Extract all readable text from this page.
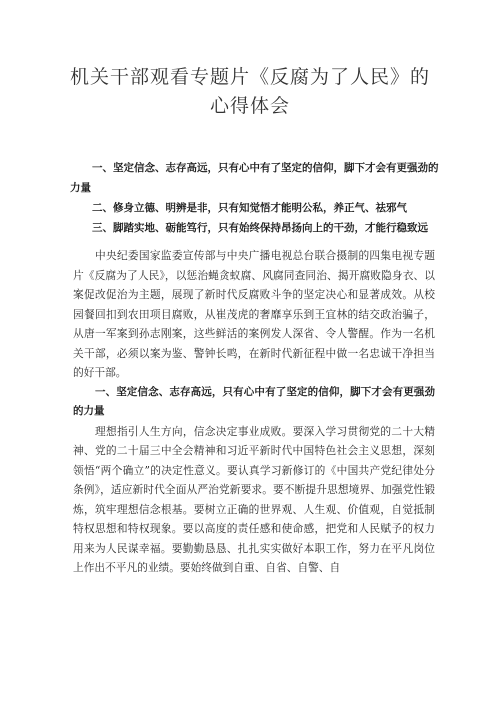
机关干部观看专题片《反腐为了人民》的
心得体会
一、坚定信念、志存高远，只有心中有了坚定的信仰，脚下才会有更强劲的力量
二、修身立德、明辨是非，只有知觉悟才能明公私，养正气、祛邪气
三、脚踏实地、砺能笃行，只有始终保持昂扬向上的干劲，才能行稳致远

中央纪委国家监委宣传部与中央广播电视总台联合摄制的四集电视专题片《反腐为了人民》，以惩治蝇贪蚁腐、风腐同查同治、揭开腐败隐身衣、以案促改促治为主题，展现了新时代反腐败斗争的坚定决心和显著成效。从校园餐回扣到农田项目腐败，从崔茂虎的奢靡享乐到王宜林的结交政治骗子，从唐一军案到孙志刚案，这些鲜活的案例发人深省、令人警醒。作为一名机关干部，必须以案为鉴、警钟长鸣，在新时代新征程中做一名忠诚干净担当的好干部。

一、坚定信念、志存高远，只有心中有了坚定的信仰，脚下才会有更强劲的力量

理想指引人生方向，信念决定事业成败。要深入学习贯彻党的二十大精神、党的二十届三中全会精神和习近平新时代中国特色社会主义思想，深刻领悟“两个确立”的决定性意义。要认真学习新修订的《中国共产党纪律处分条例》，适应新时代全面从严治党新要求。要不断提升思想境界、加强党性锻炼，筑牢理想信念根基。要树立正确的世界观、人生观、价值观，自觉抵制特权思想和特权现象。要以高度的责任感和使命感，把党和人民赋予的权力用来为人民谋幸福。要勤勤恳恳、扎扎实实做好本职工作，努力在平凡岗位上作出不平凡的业绩。要始终做到自重、自省、自警、自
